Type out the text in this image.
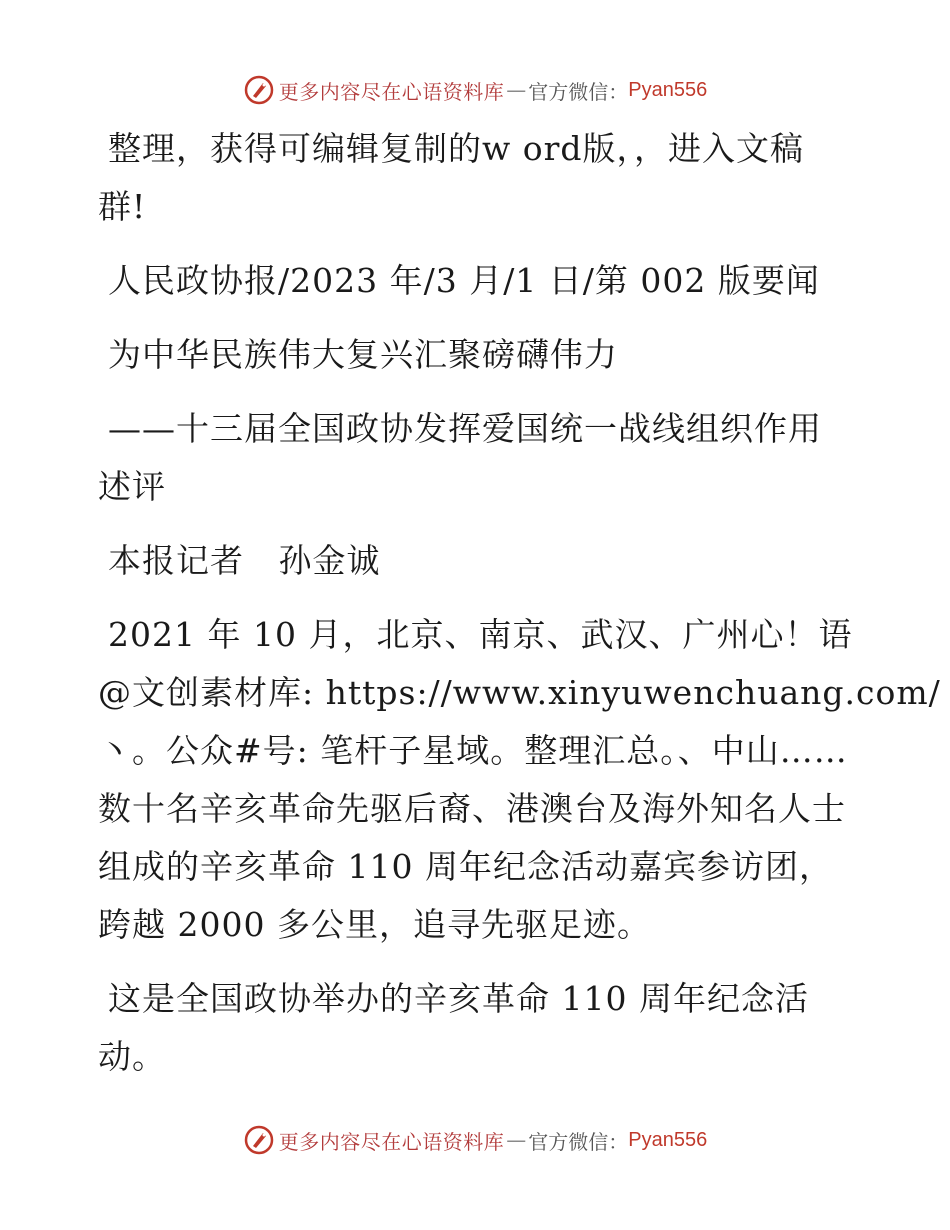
更多内容尽在心语资料库 — 官方微信： Pyan556

整理，获得可编辑复制的w ord版，，进入文稿
群!

人民政协报/2023 年/3 月/1 日/第 002 版要闻

为中华民族伟大复兴汇聚磅礴伟力

——十三届全国政协发挥爱国统一战线组织作用
述评

本报记者   孙金诚

2021 年 10 月，北京、南京、武汉、广州心！语
@文创素材库: https://www.xinyuwenchuang.com/
丶。公众#号: 笔杆子星域。整理汇总。、中山……
数十名辛亥革命先驱后裔、港澳台及海外知名人士
组成的辛亥革命 110 周年纪念活动嘉宾参访团，
跨越 2000 多公里，追寻先驱足迹。

这是全国政协举办的辛亥革命 110 周年纪念活
动。

更多内容尽在心语资料库 — 官方微信： Pyan556
